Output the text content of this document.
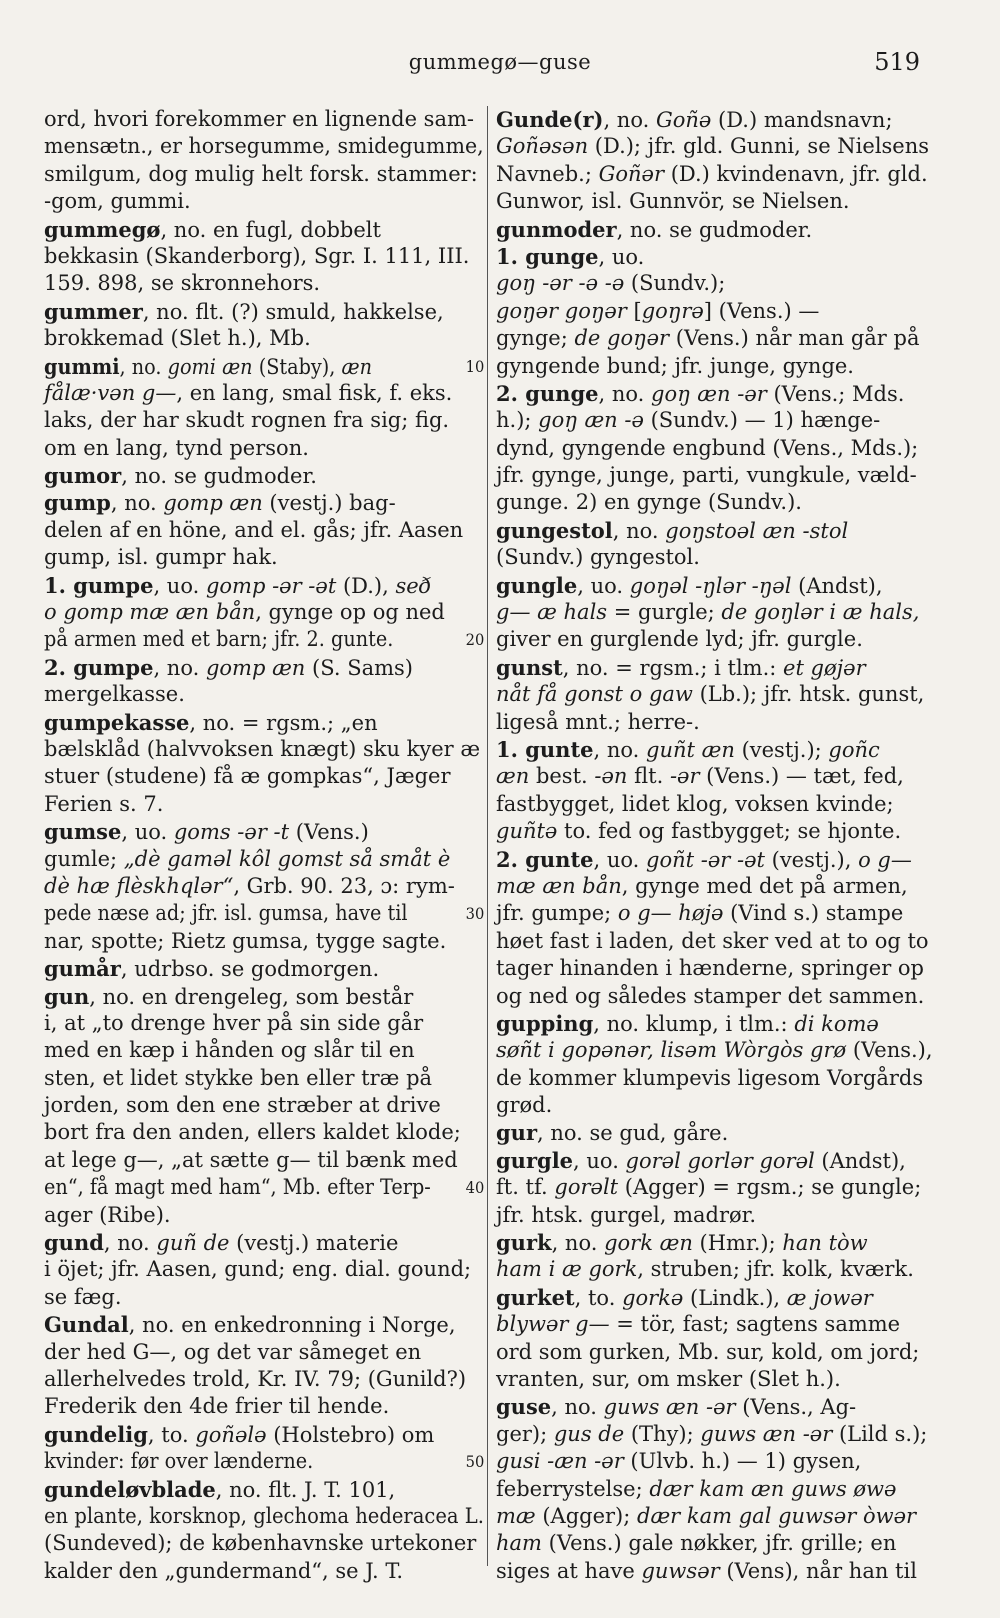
gummegø—guse	519
ord, hvori forekommer en lignende sam-
mensætn., er horsegumme, smidegumme,
smilgum, dog mulig helt forsk. stammer:
-gom, gummi.
gummegø, no. en fugl, dobbelt
bekkasin (Skanderborg), Sgr. I. 111, III.
159. 898, se skronnehors.
gummer, no. flt. (?) smuld, hakkelse,
brokkemad (Slet h.), Mb.
gummi, no. gomi æn (Staby), æn	10
fålæ·vən g—, en lang, smal fisk, f. eks.
laks, der har skudt rognen fra sig; fig.
om en lang, tynd person.
gumor, no. se gudmoder.
gump, no. gomp æn (vestj.) bag-
delen af en höne, and el. gås; jfr. Aasen
gump, isl. gumpr hak.
1. gumpe, uo. gomp -ər -ət (D.), seð
o gomp mæ æn bån, gynge op og ned
på armen med et barn; jfr. 2. gunte.	20
2. gumpe, no. gomp æn (S. Sams)
mergelkasse.
gumpekasse, no. = rgsm.; „en
bælsklåd (halvvoksen knægt) sku kyer æ
stuer (studene) få æ gompkas“, Jæger
Ferien s. 7.
gumse, uo. goms -ər -t (Vens.)
gumle; „dè gaməl kôl gomst så småt è
dè hæ flèskhqlər“, Grb. 90. 23, ɔ: rym-
pede næse ad; jfr. isl. gumsa, have til	30
nar, spotte; Rietz gumsa, tygge sagte.
gumår, udrbso. se godmorgen.
gun, no. en drengeleg, som består
i, at „to drenge hver på sin side går
med en kæp i hånden og slår til en
sten, et lidet stykke ben eller træ på
jorden, som den ene stræber at drive
bort fra den anden, ellers kaldet klode;
at lege g—, „at sætte g— til bænk med
en“, få magt med ham“, Mb. efter Terp- 40
ager (Ribe).
gund, no. guñ de (vestj.) materie
i öjet; jfr. Aasen, gund; eng. dial. gound;
se fæg.
Gundal, no. en enkedronning i Norge,
der hed G—, og det var såmeget en
allerhelvedes trold, Kr. IV. 79; (Gunild?)
Frederik den 4de frier til hende.
gundelig, to. goñələ (Holstebro) om
kvinder: før over lænderne.	50
gundeløvblade, no. flt. J. T. 101,
en plante, korsknop, glechoma hederacea L.
(Sundeved); de københavnske urtekoner
kalder den „gundermand“, se J. T.
Gunde(r), no. Goñə (D.) mandsnavn;
Goñəsən (D.); jfr. gld. Gunni, se Nielsens
Navneb.; Goñər (D.) kvindenavn, jfr. gld.
Gunwor, isl. Gunnvör, se Nielsen.
gunmoder, no. se gudmoder.
1. gunge, uo.
goŋ -ər -ə -ə (Sundv.);
goŋər goŋər [goŋrə] (Vens.) —
gynge; de goŋər (Vens.) når man går på
gyngende bund; jfr. junge, gynge.
2. gunge, no. goŋ æn -ər (Vens.; Mds.
h.); goŋ æn -ə (Sundv.) — 1) hænge-
dynd, gyngende engbund (Vens., Mds.);
jfr. gynge, junge, parti, vungkule, væld-
gunge. 2) en gynge (Sundv.).
gungestol, no. goŋstoəl æn -stol
(Sundv.) gyngestol.
gungle, uo. goŋəl -ŋlər -ŋəl (Andst),
g— æ hals = gurgle; de goŋlər i æ hals,
giver en gurglende lyd; jfr. gurgle.
gunst, no. = rgsm.; i tlm.: et gøjər
nåt få gonst o gaw (Lb.); jfr. htsk. gunst,
ligeså mnt.; herre-.
1. gunte, no. guñt æn (vestj.); goñc
æn best. -ən flt. -ər (Vens.) — tæt, fed,
fastbygget, lidet klog, voksen kvinde;
guñtə to. fed og fastbygget; se hjonte.
2. gunte, uo. goñt -ər -ət (vestj.), o g—
mæ æn bån, gynge med det på armen,
jfr. gumpe; o g— højə (Vind s.) stampe
høet fast i laden, det sker ved at to og to
tager hinanden i hænderne, springer op
og ned og således stamper det sammen.
gupping, no. klump, i tlm.: di komə
søñt i gopənər, lisəm Wòrgòs grø (Vens.),
de kommer klumpevis ligesom Vorgårds
grød.
gur, no. se gud, gåre.
gurgle, uo. gorəl gorlər gorəl (Andst),
ft. tf. gorəlt (Agger) = rgsm.; se gungle;
jfr. htsk. gurgel, madrør.
gurk, no. gork æn (Hmr.); han tòw
ham i æ gork, struben; jfr. kolk, kværk.
gurket, to. gorkə (Lindk.), æ jowər
blywər g— = tör, fast; sagtens samme
ord som gurken, Mb. sur, kold, om jord;
vranten, sur, om msker (Slet h.).
guse, no. guws æn -ər (Vens., Ag-
ger); gus de (Thy); guws æn -ər (Lild s.);
gusi -æn -ər (Ulvb. h.) — 1) gysen,
feberrystelse; dær kam æn guws øwə
mæ (Agger); dær kam gal guwsər òwər
ham (Vens.) gale nøkker, jfr. grille; en
siges at have guwsər (Vens), når han til
